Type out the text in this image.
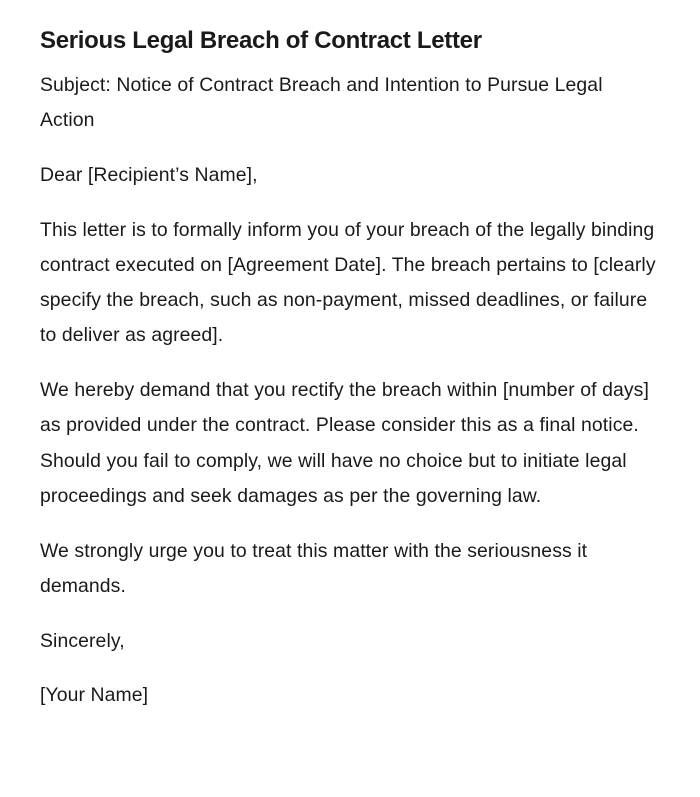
Serious Legal Breach of Contract Letter

Subject: Notice of Contract Breach and Intention to Pursue Legal Action

Dear [Recipient’s Name],

This letter is to formally inform you of your breach of the legally binding contract executed on [Agreement Date]. The breach pertains to [clearly specify the breach, such as non-payment, missed deadlines, or failure to deliver as agreed].

We hereby demand that you rectify the breach within [number of days] as provided under the contract. Please consider this as a final notice. Should you fail to comply, we will have no choice but to initiate legal proceedings and seek damages as per the governing law.

We strongly urge you to treat this matter with the seriousness it demands.

Sincerely,

[Your Name]
